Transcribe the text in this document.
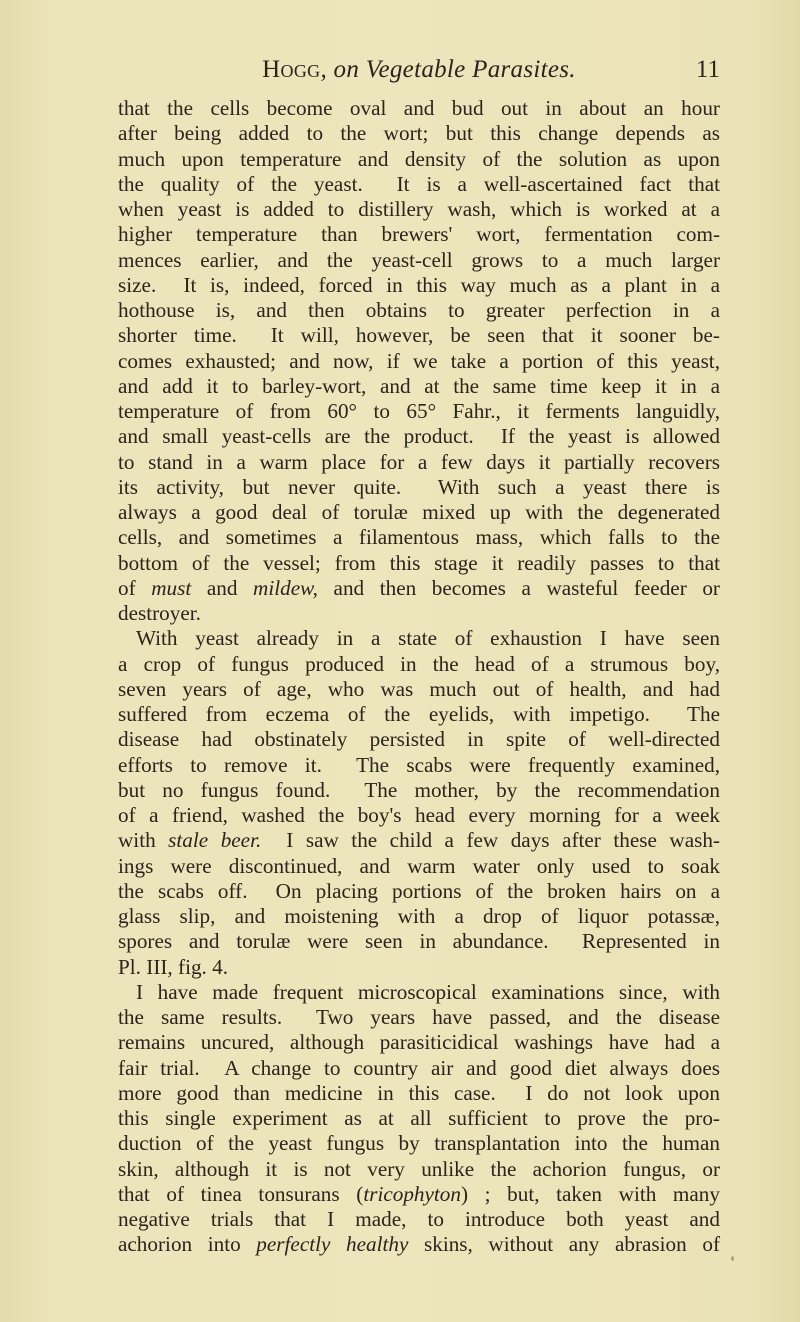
Hogg, on Vegetable Parasites.	11
that the cells become oval and bud out in about an hour
after being added to the wort; but this change depends as
much upon temperature and density of the solution as upon
the quality of the yeast.  It is a well-ascertained fact that
when yeast is added to distillery wash, which is worked at a
higher temperature than brewers' wort, fermentation com-
mences earlier, and the yeast-cell grows to a much larger
size.  It is, indeed, forced in this way much as a plant in a
hothouse is, and then obtains to greater perfection in a
shorter time.  It will, however, be seen that it sooner be-
comes exhausted; and now, if we take a portion of this yeast,
and add it to barley-wort, and at the same time keep it in a
temperature of from 60° to 65° Fahr., it ferments languidly,
and small yeast-cells are the product.  If the yeast is allowed
to stand in a warm place for a few days it partially recovers
its activity, but never quite.  With such a yeast there is
always a good deal of torulæ mixed up with the degenerated
cells, and sometimes a filamentous mass, which falls to the
bottom of the vessel; from this stage it readily passes to that
of must and mildew, and then becomes a wasteful feeder or
destroyer.
With yeast already in a state of exhaustion I have seen
a crop of fungus produced in the head of a strumous boy,
seven years of age, who was much out of health, and had
suffered from eczema of the eyelids, with impetigo.  The
disease had obstinately persisted in spite of well-directed
efforts to remove it.  The scabs were frequently examined,
but no fungus found.  The mother, by the recommendation
of a friend, washed the boy's head every morning for a week
with stale beer.  I saw the child a few days after these wash-
ings were discontinued, and warm water only used to soak
the scabs off.  On placing portions of the broken hairs on a
glass slip, and moistening with a drop of liquor potassæ,
spores and torulæ were seen in abundance.  Represented in
Pl. III, fig. 4.
I have made frequent microscopical examinations since, with
the same results.  Two years have passed, and the disease
remains uncured, although parasiticidical washings have had a
fair trial.  A change to country air and good diet always does
more good than medicine in this case.  I do not look upon
this single experiment as at all sufficient to prove the pro-
duction of the yeast fungus by transplantation into the human
skin, although it is not very unlike the achorion fungus, or
that of tinea tonsurans (tricophyton) ; but, taken with many
negative trials that I made, to introduce both yeast and
achorion into perfectly healthy skins, without any abrasion of
